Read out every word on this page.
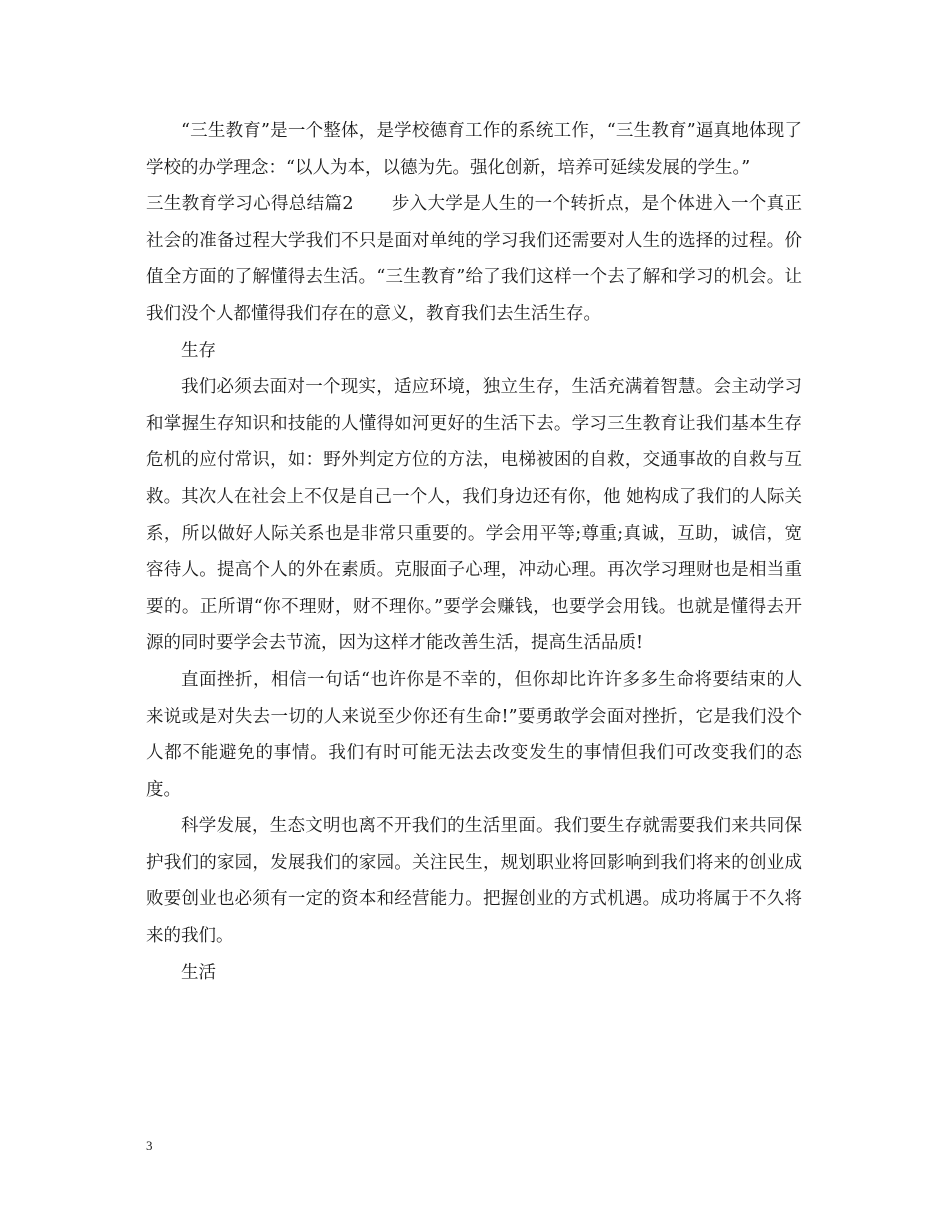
“三生教育”是一个整体，是学校德育工作的系统工作，“三生教育”逼真地体现了学校的办学理念：“以人为本，以德为先。强化创新，培养可延续发展的学生。”

三生教育学习心得总结篇2 步入大学是人生的一个转折点，是个体进入一个真正社会的准备过程大学我们不只是面对单纯的学习我们还需要对人生的选择的过程。价值全方面的了解懂得去生活。“三生教育”给了我们这样一个去了解和学习的机会。让我们没个人都懂得我们存在的意义，教育我们去生活生存。

生存

我们必须去面对一个现实，适应环境，独立生存，生活充满着智慧。会主动学习和掌握生存知识和技能的人懂得如河更好的生活下去。学习三生教育让我们基本生存危机的应付常识，如：野外判定方位的方法，电梯被困的自救，交通事故的自救与互救。其次人在社会上不仅是自己一个人，我们身边还有你，他 她构成了我们的人际关系，所以做好人际关系也是非常只重要的。学会用平等;尊重;真诚，互助，诚信，宽容待人。提高个人的外在素质。克服面子心理，冲动心理。再次学习理财也是相当重要的。正所谓“你不理财，财不理你。”要学会赚钱，也要学会用钱。也就是懂得去开源的同时要学会去节流，因为这样才能改善生活，提高生活品质!

直面挫折，相信一句话“也许你是不幸的，但你却比许许多多生命将要结束的人来说或是对失去一切的人来说至少你还有生命!”要勇敢学会面对挫折，它是我们没个人都不能避免的事情。我们有时可能无法去改变发生的事情但我们可改变我们的态度。

科学发展，生态文明也离不开我们的生活里面。我们要生存就需要我们来共同保护我们的家园，发展我们的家园。关注民生，规划职业将回影响到我们将来的创业成败要创业也必须有一定的资本和经营能力。把握创业的方式机遇。成功将属于不久将来的我们。

生活

3
